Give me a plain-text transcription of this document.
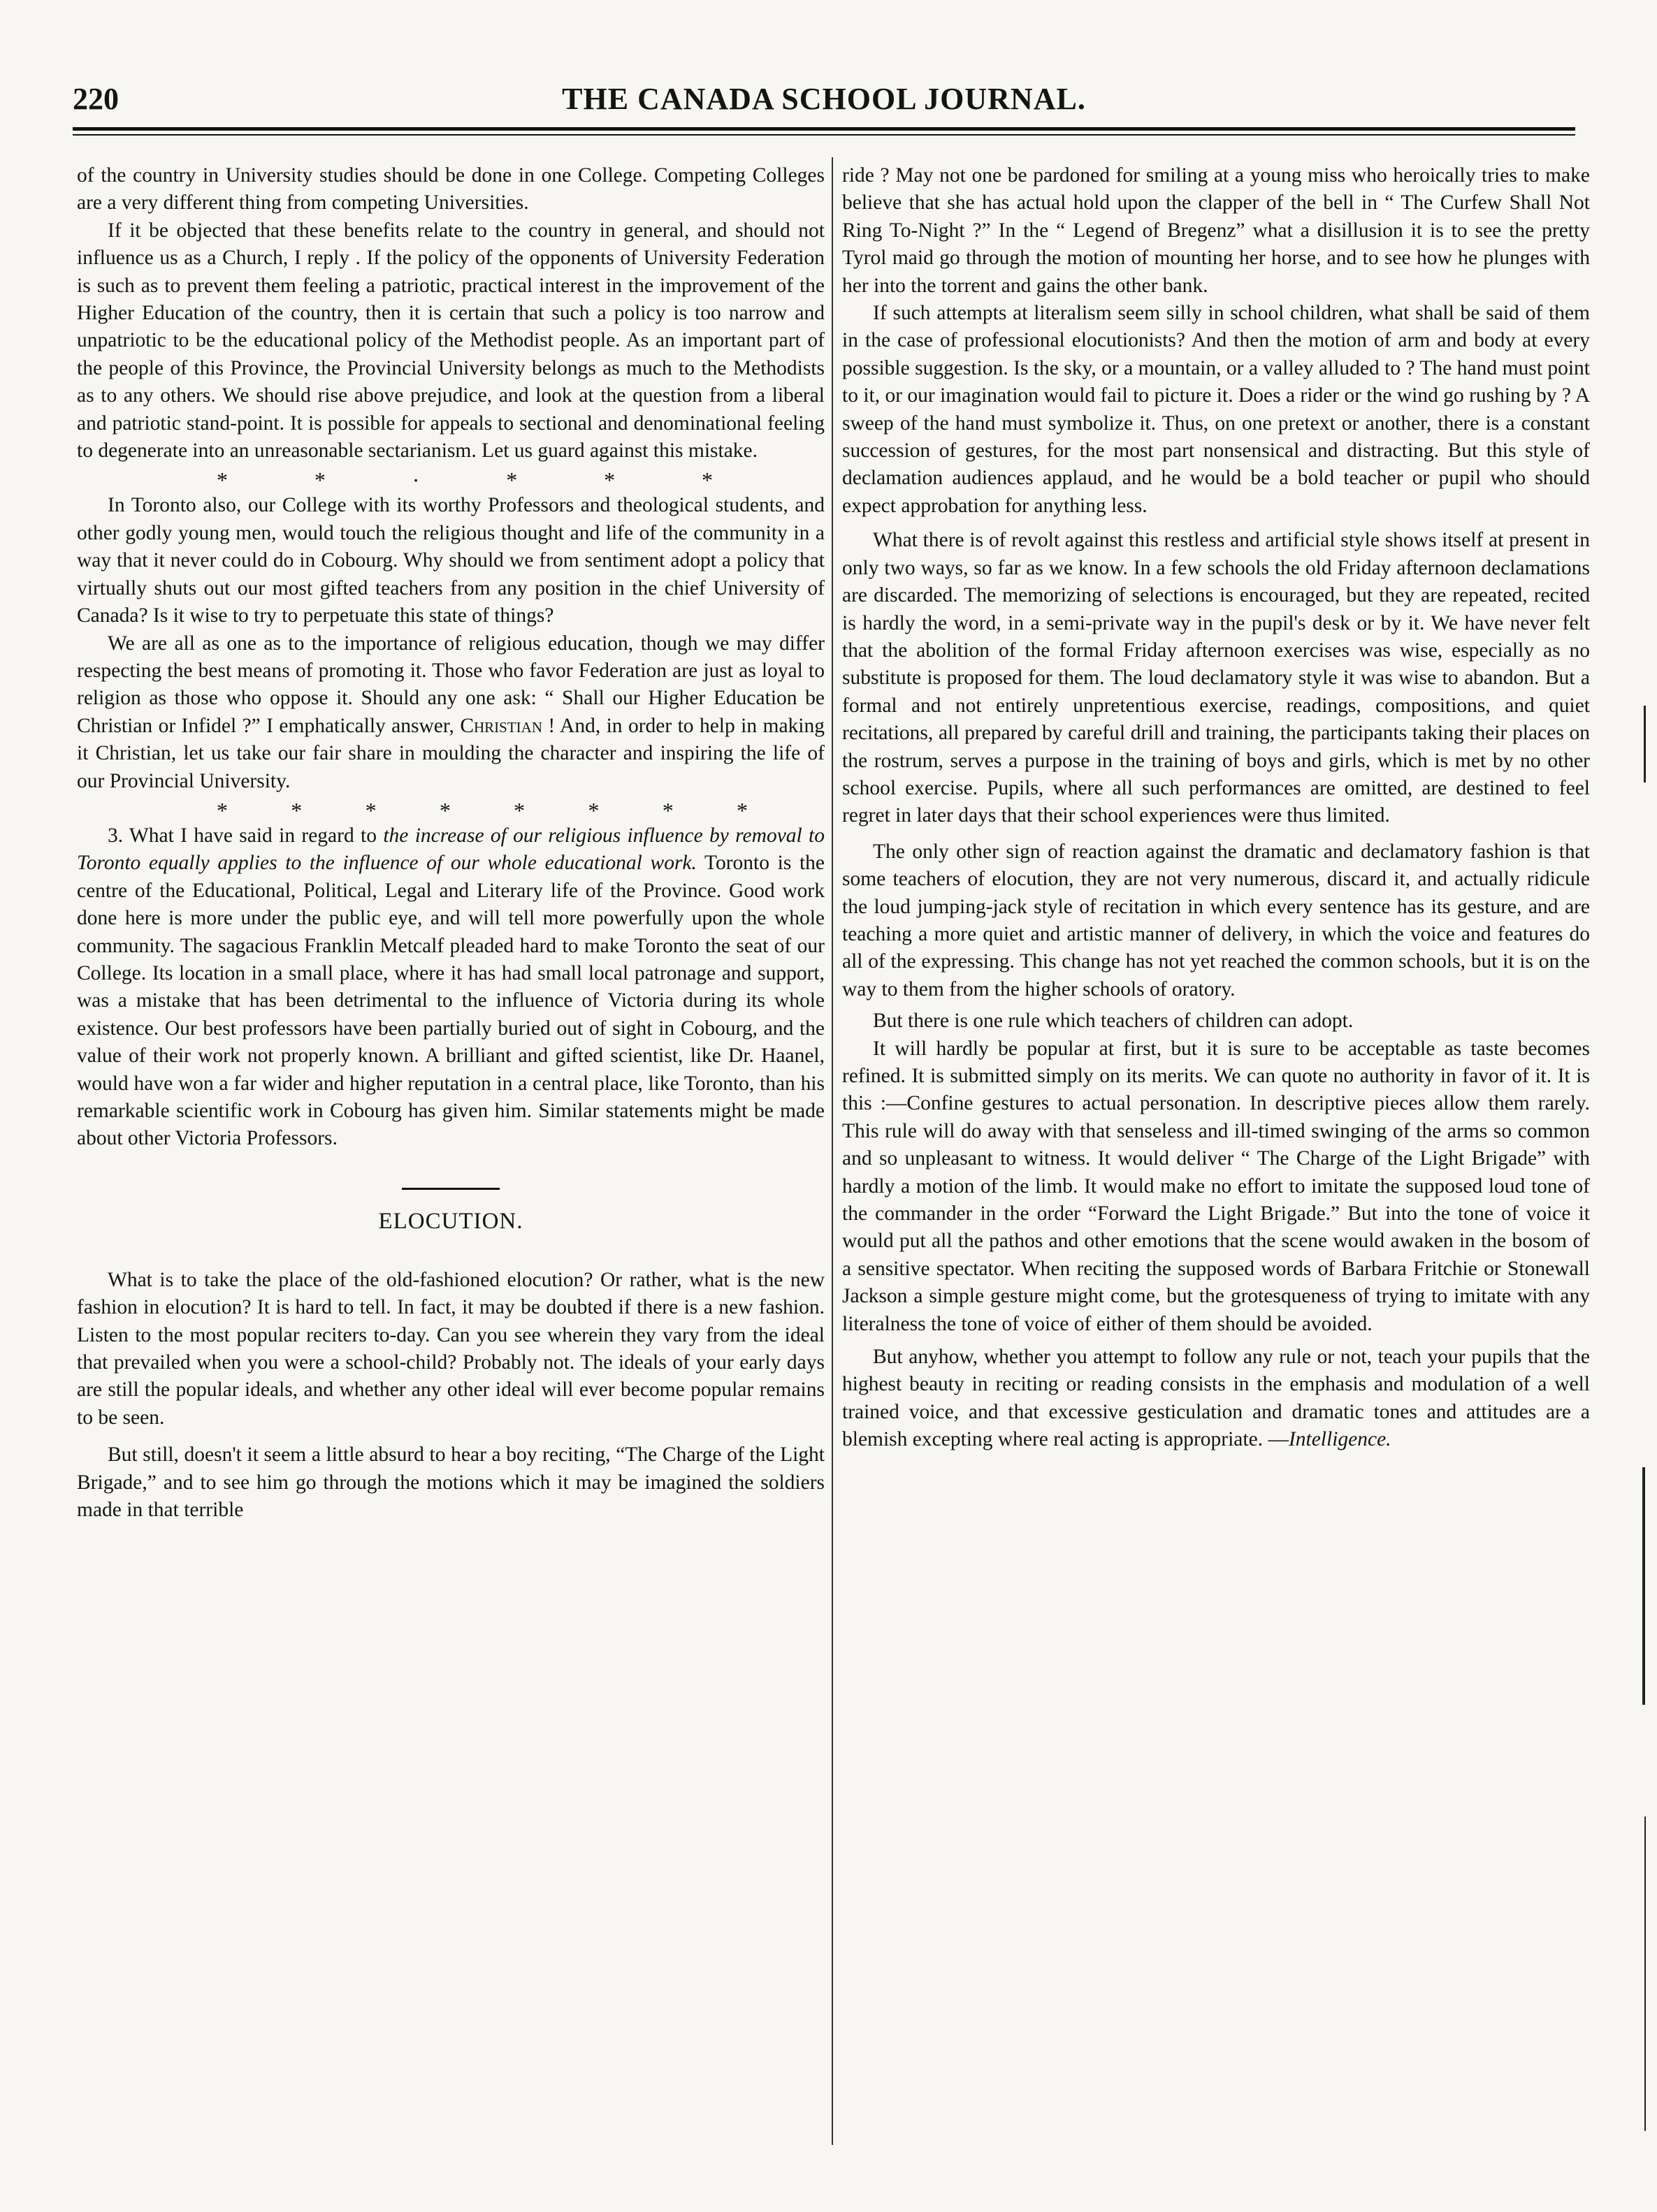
220	THE CANADA SCHOOL JOURNAL.

of the country in University studies should be done in one College. Competing Colleges are a very different thing from competing Universities.

If it be objected that these benefits relate to the country in general, and should not influence us as a Church, I reply . If the policy of the opponents of University Federation is such as to prevent them feeling a patriotic, practical interest in the improvement of the Higher Education of the country, then it is certain that such a policy is too narrow and unpatriotic to be the educational policy of the Methodist people. As an important part of the people of this Province, the Provincial University belongs as much to the Methodists as to any others. We should rise above prejudice, and look at the question from a liberal and patriotic stand-point. It is possible for appeals to sectional and denominational feeling to degenerate into an unreasonable sectarianism. Let us guard against this mistake.

*	*	·	*	*	*

In Toronto also, our College with its worthy Professors and theological students, and other godly young men, would touch the religious thought and life of the community in a way that it never could do in Cobourg. Why should we from sentiment adopt a policy that virtually shuts out our most gifted teachers from any position in the chief University of Canada? Is it wise to try to perpetuate this state of things?

We are all as one as to the importance of religious education, though we may differ respecting the best means of promoting it. Those who favor Federation are just as loyal to religion as those who oppose it. Should any one ask: “ Shall our Higher Education be Christian or Infidel ?” I emphatically answer, Christian ! And, in order to help in making it Christian, let us take our fair share in moulding the character and inspiring the life of our Provincial University.

*	*	*	*	*	*	*	*

3. What I have said in regard to the increase of our religious influence by removal to Toronto equally applies to the influence of our whole educational work. Toronto is the centre of the Educational, Political, Legal and Literary life of the Province. Good work done here is more under the public eye, and will tell more powerfully upon the whole community. The sagacious Franklin Metcalf pleaded hard to make Toronto the seat of our College. Its location in a small place, where it has had small local patronage and support, was a mistake that has been detrimental to the influence of Victoria during its whole existence. Our best professors have been partially buried out of sight in Cobourg, and the value of their work not properly known. A brilliant and gifted scientist, like Dr. Haanel, would have won a far wider and higher reputation in a central place, like Toronto, than his remarkable scientific work in Cobourg has given him. Similar statements might be made about other Victoria Professors.

ELOCUTION.

What is to take the place of the old-fashioned elocution? Or rather, what is the new fashion in elocution? It is hard to tell. In fact, it may be doubted if there is a new fashion. Listen to the most popular reciters to-day. Can you see wherein they vary from the ideal that prevailed when you were a school-child? Probably not. The ideals of your early days are still the popular ideals, and whether any other ideal will ever become popular remains to be seen.

But still, doesn't it seem a little absurd to hear a boy reciting, “The Charge of the Light Brigade,” and to see him go through the motions which it may be imagined the soldiers made in that terrible

ride ? May not one be pardoned for smiling at a young miss who heroically tries to make believe that she has actual hold upon the clapper of the bell in “ The Curfew Shall Not Ring To-Night ?” In the “ Legend of Bregenz” what a disillusion it is to see the pretty Tyrol maid go through the motion of mounting her horse, and to see how he plunges with her into the torrent and gains the other bank.

If such attempts at literalism seem silly in school children, what shall be said of them in the case of professional elocutionists? And then the motion of arm and body at every possible suggestion. Is the sky, or a mountain, or a valley alluded to ? The hand must point to it, or our imagination would fail to picture it. Does a rider or the wind go rushing by ? A sweep of the hand must symbolize it. Thus, on one pretext or another, there is a constant succession of gestures, for the most part nonsensical and distracting. But this style of declamation audiences applaud, and he would be a bold teacher or pupil who should expect approbation for anything less.

What there is of revolt against this restless and artificial style shows itself at present in only two ways, so far as we know. In a few schools the old Friday afternoon declamations are discarded. The memorizing of selections is encouraged, but they are repeated, recited is hardly the word, in a semi-private way in the pupil's desk or by it. We have never felt that the abolition of the formal Friday afternoon exercises was wise, especially as no substitute is proposed for them. The loud declamatory style it was wise to abandon. But a formal and not entirely unpretentious exercise, readings, compositions, and quiet recitations, all prepared by careful drill and training, the participants taking their places on the rostrum, serves a purpose in the training of boys and girls, which is met by no other school exercise. Pupils, where all such performances are omitted, are destined to feel regret in later days that their school experiences were thus limited.

The only other sign of reaction against the dramatic and declamatory fashion is that some teachers of elocution, they are not very numerous, discard it, and actually ridicule the loud jumping-jack style of recitation in which every sentence has its gesture, and are teaching a more quiet and artistic manner of delivery, in which the voice and features do all of the expressing. This change has not yet reached the common schools, but it is on the way to them from the higher schools of oratory.

But there is one rule which teachers of children can adopt.

It will hardly be popular at first, but it is sure to be acceptable as taste becomes refined. It is submitted simply on its merits. We can quote no authority in favor of it. It is this :—Confine gestures to actual personation. In descriptive pieces allow them rarely. This rule will do away with that senseless and ill-timed swinging of the arms so common and so unpleasant to witness. It would deliver “ The Charge of the Light Brigade” with hardly a motion of the limb. It would make no effort to imitate the supposed loud tone of the commander in the order “Forward the Light Brigade.” But into the tone of voice it would put all the pathos and other emotions that the scene would awaken in the bosom of a sensitive spectator. When reciting the supposed words of Barbara Fritchie or Stonewall Jackson a simple gesture might come, but the grotesqueness of trying to imitate with any literalness the tone of voice of either of them should be avoided.

But anyhow, whether you attempt to follow any rule or not, teach your pupils that the highest beauty in reciting or reading consists in the emphasis and modulation of a well trained voice, and that excessive gesticulation and dramatic tones and attitudes are a blemish excepting where real acting is appropriate. —Intelligence.
